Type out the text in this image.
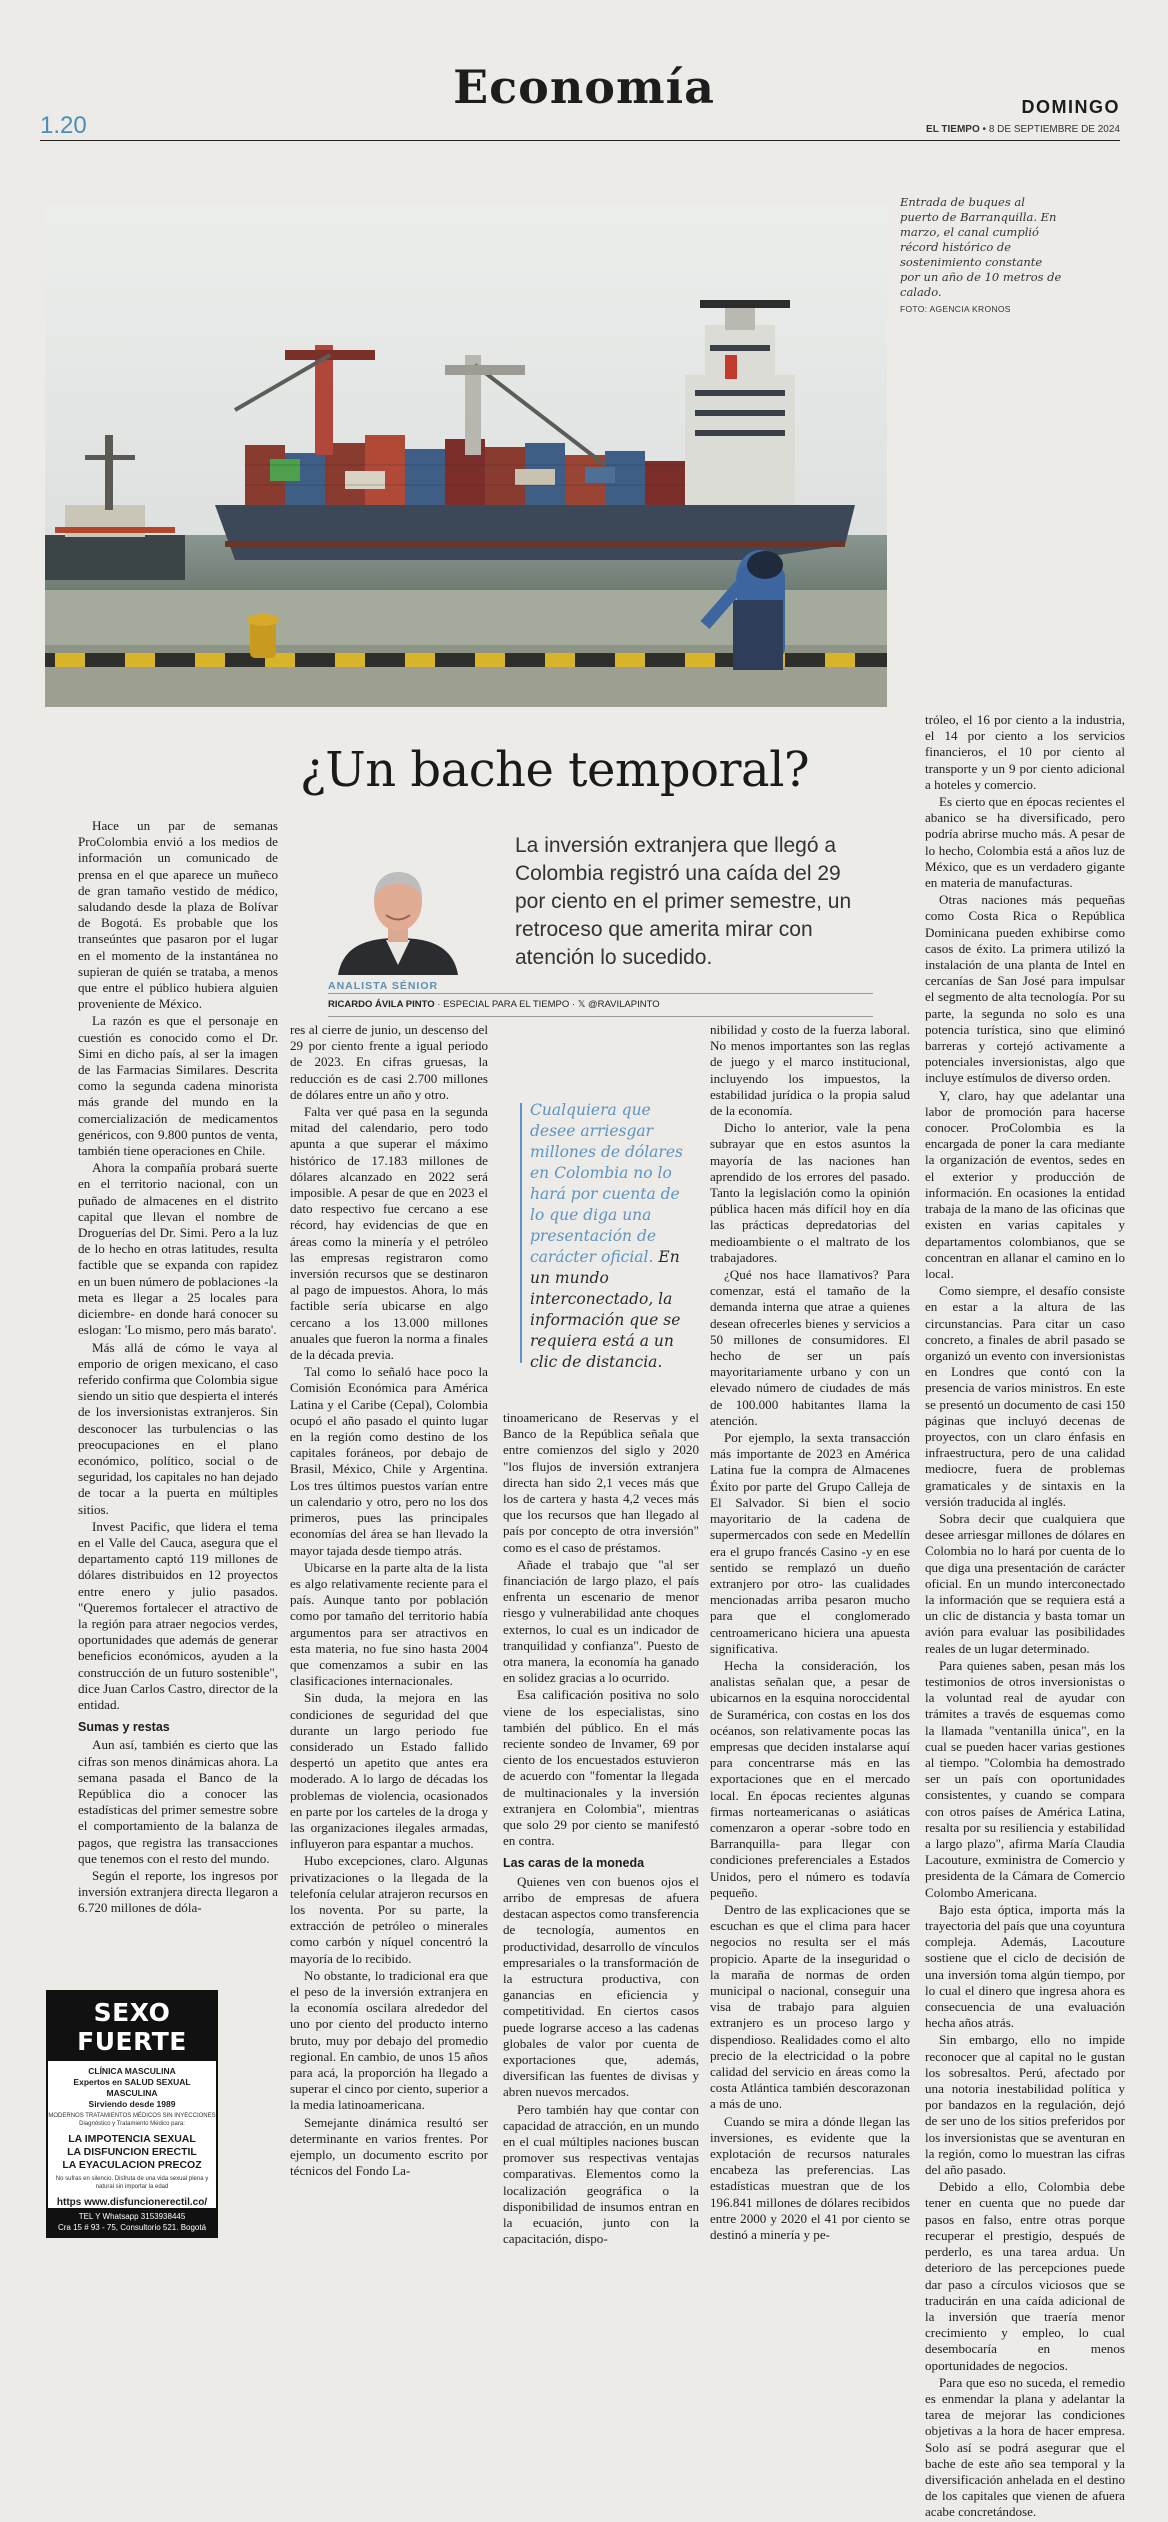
Economía
1.20
DOMINGO
EL TIEMPO • 8 DE SEPTIEMBRE DE 2024
Entrada de buques al puerto de Barranquilla. En marzo, el canal cumplió récord histórico de sostenimiento constante por un año de 10 metros de calado.
FOTO: AGENCIA KRONOS
¿Un bache temporal?
La inversión extranjera que llegó a Colombia registró una caída del 29 por ciento en el primer semestre, un retroceso que amerita mirar con atención lo sucedido.
ANALISTA SÉNIOR
RICARDO ÁVILA PINTO · ESPECIAL PARA EL TIEMPO · 𝕏 @RAVILAPINTO
Cualquiera que desee arriesgar millones de dólares en Colombia no lo hará por cuenta de lo que diga una presentación de carácter oficial. En un mundo interconectado, la información que se requiera está a un clic de distancia.

Hace un par de semanas ProColombia envió a los medios de información un comunicado de prensa en el que aparece un muñeco de gran tamaño vestido de médico, saludando desde la plaza de Bolívar de Bogotá. Es probable que los transeúntes que pasaron por el lugar en el momento de la instantánea no supieran de quién se trataba, a menos que entre el público hubiera alguien proveniente de México.

La razón es que el personaje en cuestión es conocido como el Dr. Simi en dicho país, al ser la imagen de las Farmacias Similares. Descrita como la segunda cadena minorista más grande del mundo en la comercialización de medicamentos genéricos, con 9.800 puntos de venta, también tiene operaciones en Chile.

Ahora la compañía probará suerte en el territorio nacional, con un puñado de almacenes en el distrito capital que llevan el nombre de Droguerías del Dr. Simi. Pero a la luz de lo hecho en otras latitudes, resulta factible que se expanda con rapidez en un buen número de poblaciones -la meta es llegar a 25 locales para diciembre- en donde hará conocer su eslogan: 'Lo mismo, pero más barato'.

Más allá de cómo le vaya al emporio de origen mexicano, el caso referido confirma que Colombia sigue siendo un sitio que despierta el interés de los inversionistas extranjeros. Sin desconocer las turbulencias o las preocupaciones en el plano económico, político, social o de seguridad, los capitales no han dejado de tocar a la puerta en múltiples sitios.

Invest Pacific, que lidera el tema en el Valle del Cauca, asegura que el departamento captó 119 millones de dólares distribuidos en 12 proyectos entre enero y julio pasados. "Queremos fortalecer el atractivo de la región para atraer negocios verdes, oportunidades que además de generar beneficios económicos, ayuden a la construcción de un futuro sostenible", dice Juan Carlos Castro, director de la entidad.

Sumas y restas

Aun así, también es cierto que las cifras son menos dinámicas ahora. La semana pasada el Banco de la República dio a conocer las estadísticas del primer semestre sobre el comportamiento de la balanza de pagos, que registra las transacciones que tenemos con el resto del mundo.

Según el reporte, los ingresos por inversión extranjera directa llegaron a 6.720 millones de dóla-

res al cierre de junio, un descenso del 29 por ciento frente a igual periodo de 2023. En cifras gruesas, la reducción es de casi 2.700 millones de dólares entre un año y otro.

Falta ver qué pasa en la segunda mitad del calendario, pero todo apunta a que superar el máximo histórico de 17.183 millones de dólares alcanzado en 2022 será imposible. A pesar de que en 2023 el dato respectivo fue cercano a ese récord, hay evidencias de que en áreas como la minería y el petróleo las empresas registraron como inversión recursos que se destinaron al pago de impuestos. Ahora, lo más factible sería ubicarse en algo cercano a los 13.000 millones anuales que fueron la norma a finales de la década previa.

Tal como lo señaló hace poco la Comisión Económica para América Latina y el Caribe (Cepal), Colombia ocupó el año pasado el quinto lugar en la región como destino de los capitales foráneos, por debajo de Brasil, México, Chile y Argentina. Los tres últimos puestos varían entre un calendario y otro, pero no los dos primeros, pues las principales economías del área se han llevado la mayor tajada desde tiempo atrás.

Ubicarse en la parte alta de la lista es algo relativamente reciente para el país. Aunque tanto por población como por tamaño del territorio había argumentos para ser atractivos en esta materia, no fue sino hasta 2004 que comenzamos a subir en las clasificaciones internacionales.

Sin duda, la mejora en las condiciones de seguridad del que durante un largo periodo fue considerado un Estado fallido despertó un apetito que antes era moderado. A lo largo de décadas los problemas de violencia, ocasionados en parte por los carteles de la droga y las organizaciones ilegales armadas, influyeron para espantar a muchos.

Hubo excepciones, claro. Algunas privatizaciones o la llegada de la telefonía celular atrajeron recursos en los noventa. Por su parte, la extracción de petróleo o minerales como carbón y níquel concentró la mayoría de lo recibido.

No obstante, lo tradicional era que el peso de la inversión extranjera en la economía oscilara alrededor del uno por ciento del producto interno bruto, muy por debajo del promedio regional. En cambio, de unos 15 años para acá, la proporción ha llegado a superar el cinco por ciento, superior a la media latinoamericana.

Semejante dinámica resultó ser determinante en varios frentes. Por ejemplo, un documento escrito por técnicos del Fondo La-

tinoamericano de Reservas y el Banco de la República señala que entre comienzos del siglo y 2020 "los flujos de inversión extranjera directa han sido 2,1 veces más que los de cartera y hasta 4,2 veces más que los recursos que han llegado al país por concepto de otra inversión" como es el caso de préstamos.

Añade el trabajo que "al ser financiación de largo plazo, el país enfrenta un escenario de menor riesgo y vulnerabilidad ante choques externos, lo cual es un indicador de tranquilidad y confianza". Puesto de otra manera, la economía ha ganado en solidez gracias a lo ocurrido.

Esa calificación positiva no solo viene de los especialistas, sino también del público. En el más reciente sondeo de Invamer, 69 por ciento de los encuestados estuvieron de acuerdo con "fomentar la llegada de multinacionales y la inversión extranjera en Colombia", mientras que solo 29 por ciento se manifestó en contra.

Las caras de la moneda

Quienes ven con buenos ojos el arribo de empresas de afuera destacan aspectos como transferencia de tecnología, aumentos en productividad, desarrollo de vínculos empresariales o la transformación de la estructura productiva, con ganancias en eficiencia y competitividad. En ciertos casos puede lograrse acceso a las cadenas globales de valor por cuenta de exportaciones que, además, diversifican las fuentes de divisas y abren nuevos mercados.

Pero también hay que contar con capacidad de atracción, en un mundo en el cual múltiples naciones buscan promover sus respectivas ventajas comparativas. Elementos como la localización geográfica o la disponibilidad de insumos entran en la ecuación, junto con la capacitación, dispo-

nibilidad y costo de la fuerza laboral. No menos importantes son las reglas de juego y el marco institucional, incluyendo los impuestos, la estabilidad jurídica o la propia salud de la economía.

Dicho lo anterior, vale la pena subrayar que en estos asuntos la mayoría de las naciones han aprendido de los errores del pasado. Tanto la legislación como la opinión pública hacen más difícil hoy en día las prácticas depredatorias del medioambiente o el maltrato de los trabajadores.

¿Qué nos hace llamativos? Para comenzar, está el tamaño de la demanda interna que atrae a quienes desean ofrecerles bienes y servicios a 50 millones de consumidores. El hecho de ser un país mayoritariamente urbano y con un elevado número de ciudades de más de 100.000 habitantes llama la atención.

Por ejemplo, la sexta transacción más importante de 2023 en América Latina fue la compra de Almacenes Éxito por parte del Grupo Calleja de El Salvador. Si bien el socio mayoritario de la cadena de supermercados con sede en Medellín era el grupo francés Casino -y en ese sentido se remplazó un dueño extranjero por otro- las cualidades mencionadas arriba pesaron mucho para que el conglomerado centroamericano hiciera una apuesta significativa.

Hecha la consideración, los analistas señalan que, a pesar de ubicarnos en la esquina noroccidental de Suramérica, con costas en los dos océanos, son relativamente pocas las empresas que deciden instalarse aquí para concentrarse más en las exportaciones que en el mercado local. En épocas recientes algunas firmas norteamericanas o asiáticas comenzaron a operar -sobre todo en Barranquilla- para llegar con condiciones preferenciales a Estados Unidos, pero el número es todavía pequeño.

Dentro de las explicaciones que se escuchan es que el clima para hacer negocios no resulta ser el más propicio. Aparte de la inseguridad o la maraña de normas de orden municipal o nacional, conseguir una visa de trabajo para alguien extranjero es un proceso largo y dispendioso. Realidades como el alto precio de la electricidad o la pobre calidad del servicio en áreas como la costa Atlántica también descorazonan a más de uno.

Cuando se mira a dónde llegan las inversiones, es evidente que la explotación de recursos naturales encabeza las preferencias. Las estadísticas muestran que de los 196.841 millones de dólares recibidos entre 2000 y 2020 el 41 por ciento se destinó a minería y pe-

tróleo, el 16 por ciento a la industria, el 14 por ciento a los servicios financieros, el 10 por ciento al transporte y un 9 por ciento adicional a hoteles y comercio.

Es cierto que en épocas recientes el abanico se ha diversificado, pero podría abrirse mucho más. A pesar de lo hecho, Colombia está a años luz de México, que es un verdadero gigante en materia de manufacturas.

Otras naciones más pequeñas como Costa Rica o República Dominicana pueden exhibirse como casos de éxito. La primera utilizó la instalación de una planta de Intel en cercanías de San José para impulsar el segmento de alta tecnología. Por su parte, la segunda no solo es una potencia turística, sino que eliminó barreras y cortejó activamente a potenciales inversionistas, algo que incluye estímulos de diverso orden.

Y, claro, hay que adelantar una labor de promoción para hacerse conocer. ProColombia es la encargada de poner la cara mediante la organización de eventos, sedes en el exterior y producción de información. En ocasiones la entidad trabaja de la mano de las oficinas que existen en varias capitales y departamentos colombianos, que se concentran en allanar el camino en lo local.

Como siempre, el desafío consiste en estar a la altura de las circunstancias. Para citar un caso concreto, a finales de abril pasado se organizó un evento con inversionistas en Londres que contó con la presencia de varios ministros. En este se presentó un documento de casi 150 páginas que incluyó decenas de proyectos, con un claro énfasis en infraestructura, pero de una calidad mediocre, fuera de problemas gramaticales y de sintaxis en la versión traducida al inglés.

Sobra decir que cualquiera que desee arriesgar millones de dólares en Colombia no lo hará por cuenta de lo que diga una presentación de carácter oficial. En un mundo interconectado la información que se requiera está a un clic de distancia y basta tomar un avión para evaluar las posibilidades reales de un lugar determinado.

Para quienes saben, pesan más los testimonios de otros inversionistas o la voluntad real de ayudar con trámites a través de esquemas como la llamada "ventanilla única", en la cual se pueden hacer varias gestiones al tiempo. "Colombia ha demostrado ser un país con oportunidades consistentes, y cuando se compara con otros países de América Latina, resalta por su resiliencia y estabilidad a largo plazo", afirma María Claudia Lacouture, exministra de Comercio y presidenta de la Cámara de Comercio Colombo Americana.

Bajo esta óptica, importa más la trayectoria del país que una coyuntura compleja. Además, Lacouture sostiene que el ciclo de decisión de una inversión toma algún tiempo, por lo cual el dinero que ingresa ahora es consecuencia de una evaluación hecha años atrás.

Sin embargo, ello no impide reconocer que al capital no le gustan los sobresaltos. Perú, afectado por una notoria inestabilidad política y por bandazos en la regulación, dejó de ser uno de los sitios preferidos por los inversionistas que se aventuran en la región, como lo muestran las cifras del año pasado.

Debido a ello, Colombia debe tener en cuenta que no puede dar pasos en falso, entre otras porque recuperar el prestigio, después de perderlo, es una tarea ardua. Un deterioro de las percepciones puede dar paso a círculos viciosos que se traducirán en una caída adicional de la inversión que traería menor crecimiento y empleo, lo cual desembocaría en menos oportunidades de negocios.

Para que eso no suceda, el remedio es enmendar la plana y adelantar la tarea de mejorar las condiciones objetivas a la hora de hacer empresa. Solo así se podrá asegurar que el bache de este año sea temporal y la diversificación anhelada en el destino de los capitales que vienen de afuera acabe concretándose.

SEXO FUERTE
CLÍNICA MASCULINA
Expertos en SALUD SEXUAL MASCULINA
Sirviendo desde 1989
MODERNOS TRATAMIENTOS MÉDICOS SIN INYECCIONES
Diagnóstico y Tratamiento Médico para:
LA IMPOTENCIA SEXUAL
LA DISFUNCION ERECTIL
LA EYACULACION PRECOZ
No sufras en silencio. Disfruta de una vida sexual plena y natural sin importar la edad
https www.disfuncionerectil.co/
TEL Y Whatsapp 3153938445
Cra 15 # 93 - 75, Consultorio 521. Bogotá
